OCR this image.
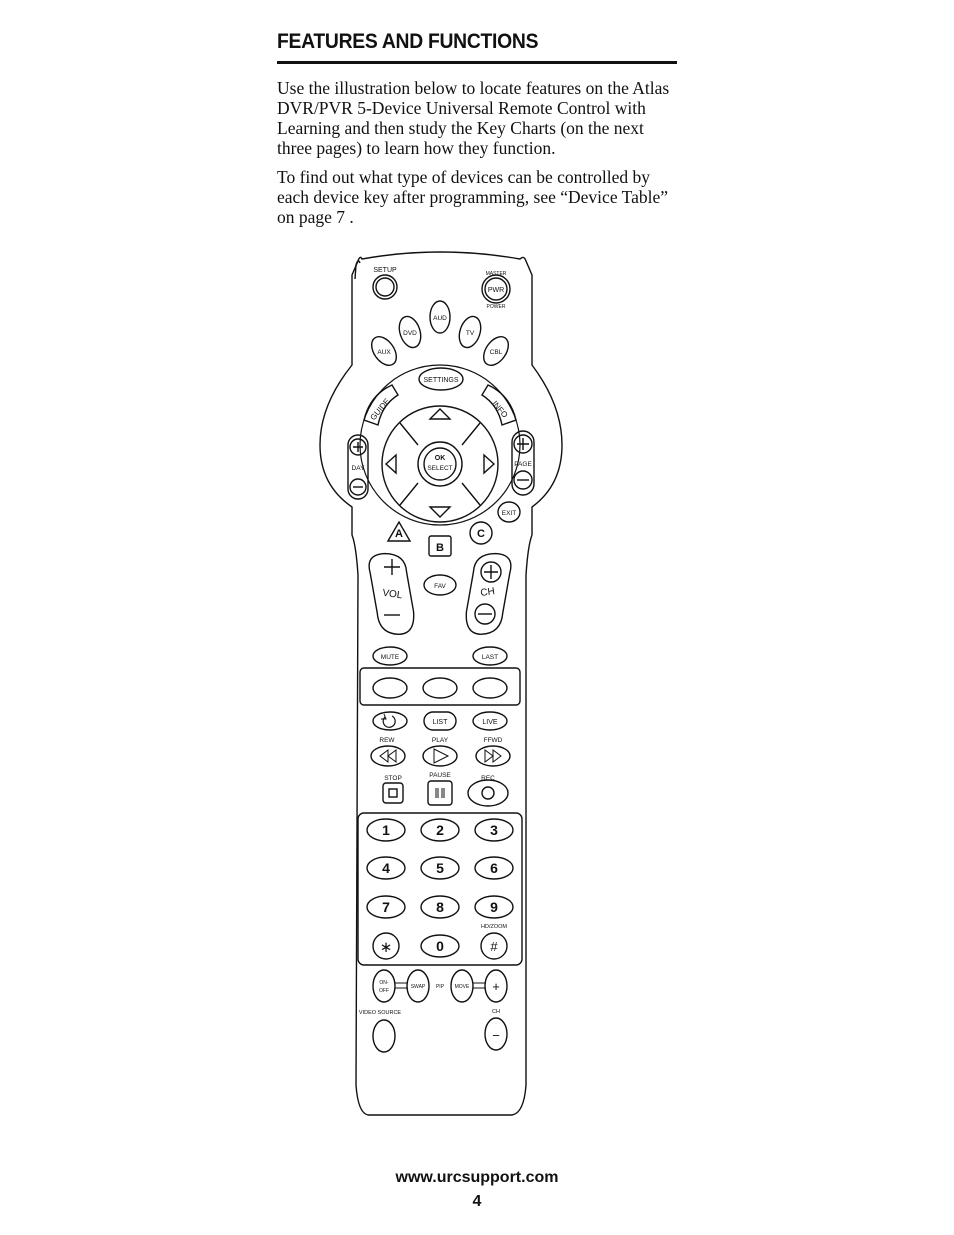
FEATURES AND FUNCTIONS

Use the illustration below to locate features on the Atlas DVR/PVR 5-Device Universal Remote Control with Learning and then study the Key Charts (on the next three pages) to learn how they function.

To find out what type of devices can be controlled by each device key after programming, see “Device Table” on page 7 .

SETUP	MASTER
PWR
POWER
AUD
DVD	TV
AUX	CBL
SETTINGS
GUIDE	INFO
OK
SELECT
DAY
PAGE
EXIT
A
B
C
VOL	CH
FAV
MUTE	LAST
LIST	LIVE
REW	PLAY	FFWD
STOP	PAUSE	REC
1	2	3
4	5	6
7	8	9
0
∗	#
HD/ZOOM
ON-
OFF
SWAP PIP MOVE +
VIDEO SOURCE	CH
−
www.urcsupport.com
4
